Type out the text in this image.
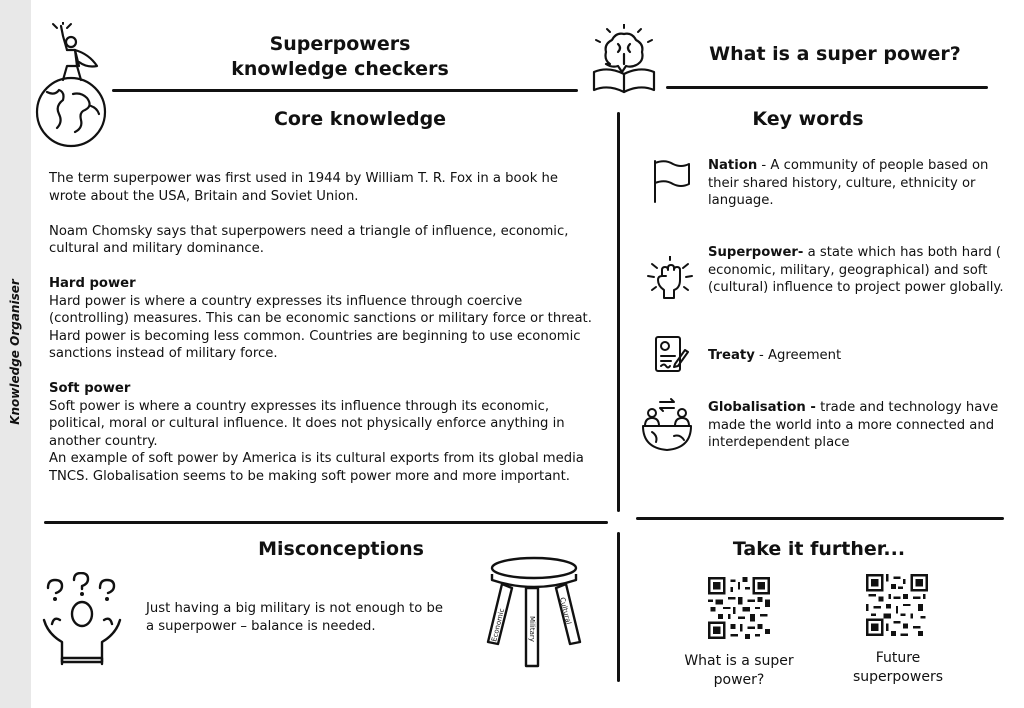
Knowledge Organiser
Superpowers
knowledge checkers
What is a super power?
Core knowledge

The term superpower was first used in 1944 by William T. R. Fox in a book he wrote about the USA, Britain and Soviet Union.

Noam Chomsky says that superpowers need a triangle of influence, economic, cultural and military dominance.

Hard power

Hard power is where a country expresses its influence through coercive (controlling) measures. This can be economic sanctions or military force or threat.

Hard power is becoming less common. Countries are beginning to use economic sanctions instead of military force.

Soft power

Soft power is where a country expresses its influence through its economic, political, moral or cultural influence. It does not physically enforce anything in another country.

An example of soft power by America is its cultural exports from its global media TNCS. Globalisation seems to be making soft power more and more important.

Key words
Nation - A community of people based on their shared history, culture, ethnicity or language.
Superpower- a state which has both hard ( economic, military, geographical) and soft (cultural) influence to project power globally.
Treaty - Agreement
Globalisation - trade and technology have made the world into a more connected and interdependent place
Misconceptions
Just having a big military is not enough to be a superpower – balance is needed.	Economic	Military
Cultural
Take it further...
What is a super power?
Future superpowers
